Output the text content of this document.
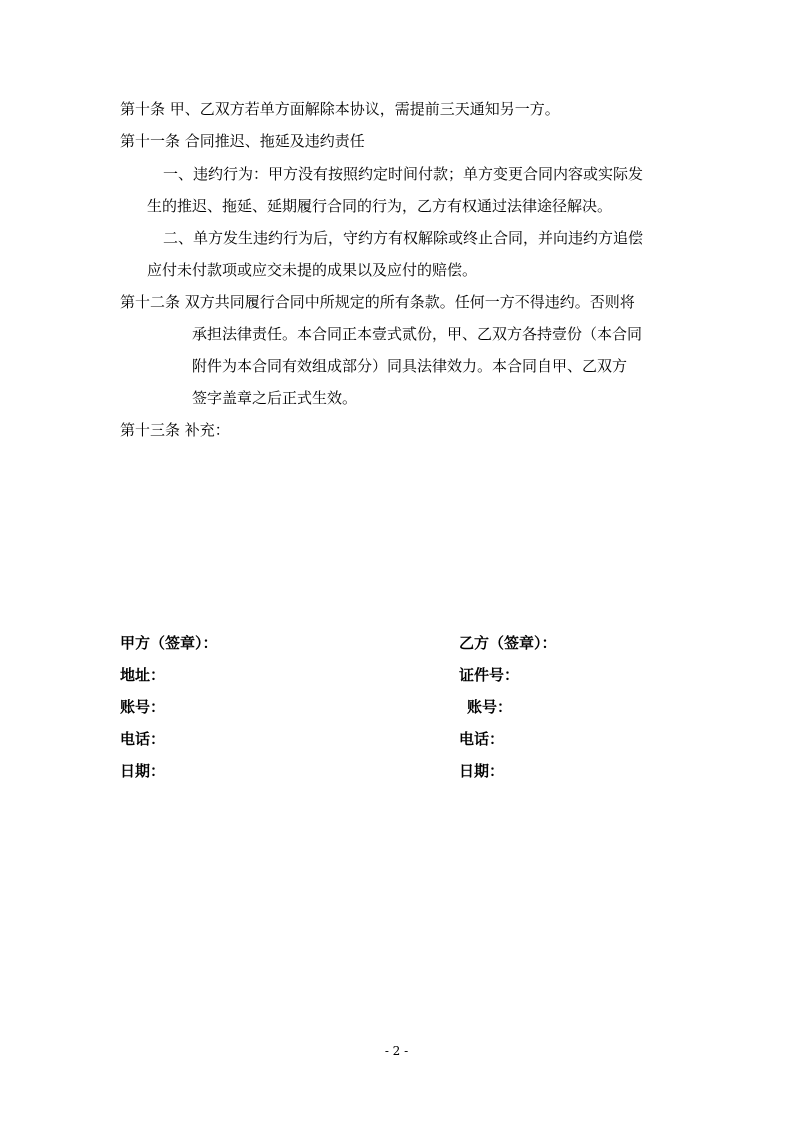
第十条 甲、乙双方若单方面解除本协议，需提前三天通知另一方。
第十一条 合同推迟、拖延及违约责任
一、违约行为：甲方没有按照约定时间付款；单方变更合同内容或实际发
生的推迟、拖延、延期履行合同的行为，乙方有权通过法律途径解决。
二、单方发生违约行为后，守约方有权解除或终止合同，并向违约方追偿
应付未付款项或应交未提的成果以及应付的赔偿。
第十二条 双方共同履行合同中所规定的所有条款。任何一方不得违约。否则将
承担法律责任。本合同正本壹式贰份，甲、乙双方各持壹份（本合同
附件为本合同有效组成部分）同具法律效力。本合同自甲、乙双方
签字盖章之后正式生效。
第十三条 补充：
甲方（签章）：
地址：
账号：
电话：
日期：
乙方（签章）：
证件号：
账号：
电话：
日期：
- 2 -
